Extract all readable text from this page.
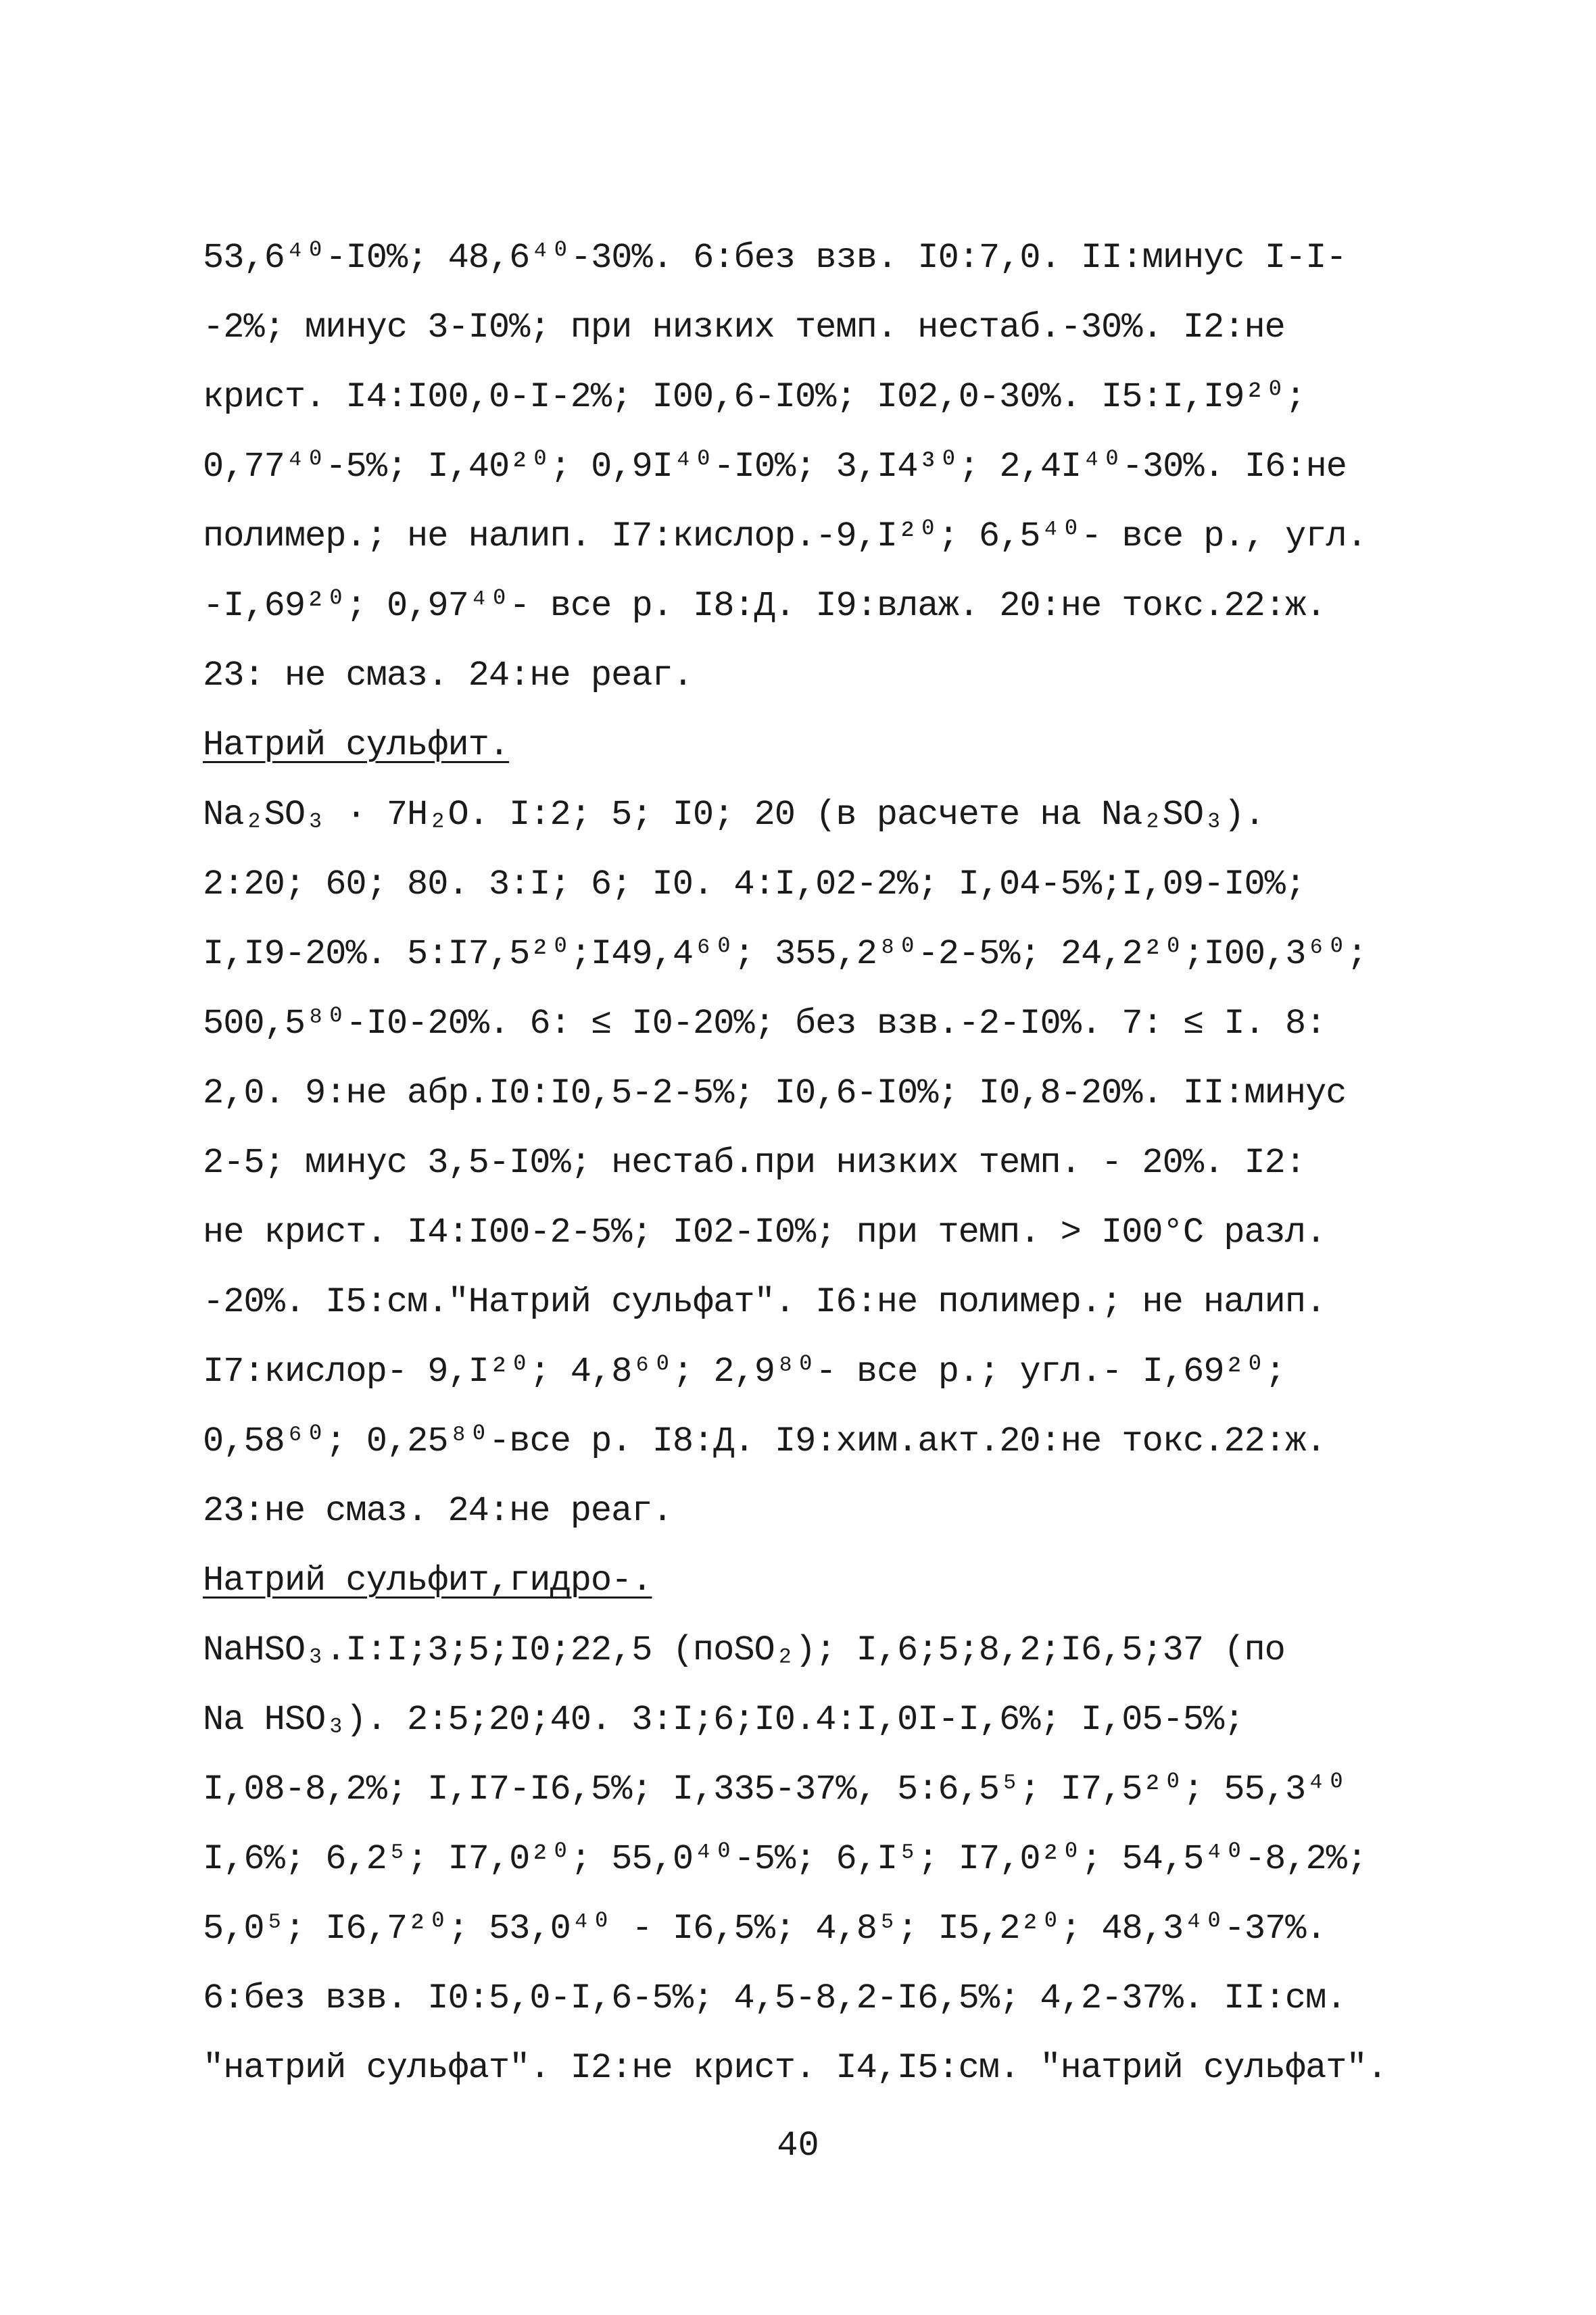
53,6⁴⁰-I0%; 48,6⁴⁰-30%. 6:без взв. I0:7,0. II:минус I-I-
-2%; минус 3-I0%; при низких темп. нестаб.-30%. I2:не
крист. I4:I00,0-I-2%; I00,6-I0%; I02,0-30%. I5:I,I9²⁰;
0,77⁴⁰-5%; I,40²⁰; 0,9I⁴⁰-I0%; 3,I4³⁰; 2,4I⁴⁰-30%. I6:не
полимер.; не налип. I7:кислор.-9,I²⁰; 6,5⁴⁰- все р., угл.
-I,69²⁰; 0,97⁴⁰- все р. I8:Д. I9:влаж. 20:не токс.22:ж.
23: не смаз. 24:не реаг.
Натрий сульфит.
Na₂SO₃ · 7H₂O. I:2; 5; I0; 20 (в расчете на Na₂SO₃).
2:20; 60; 80. 3:I; 6; I0. 4:I,02-2%; I,04-5%;I,09-I0%;
I,I9-20%. 5:I7,5²⁰;I49,4⁶⁰; 355,2⁸⁰-2-5%; 24,2²⁰;I00,3⁶⁰;
500,5⁸⁰-I0-20%. 6: ≤ I0-20%; без взв.-2-I0%. 7: ≤ I. 8:
2,0. 9:не абр.I0:I0,5-2-5%; I0,6-I0%; I0,8-20%. II:минус
2-5; минус 3,5-I0%; нестаб.при низких темп. - 20%. I2:
не крист. I4:I00-2-5%; I02-I0%; при темп. > I00°C разл.
-20%. I5:см."Натрий сульфат". I6:не полимер.; не налип.
I7:кислор- 9,I²⁰; 4,8⁶⁰; 2,9⁸⁰- все р.; угл.- I,69²⁰;
0,58⁶⁰; 0,25⁸⁰-все р. I8:Д. I9:хим.акт.20:не токс.22:ж.
23:не смаз. 24:не реаг.
Натрий сульфит,гидро-.
NaHSO₃.I:I;3;5;I0;22,5 (поSO₂); I,6;5;8,2;I6,5;37 (по
Na HSO₃). 2:5;20;40. 3:I;6;I0.4:I,0I-I,6%; I,05-5%;
I,08-8,2%; I,I7-I6,5%; I,335-37%, 5:6,5⁵; I7,5²⁰; 55,3⁴⁰
I,6%; 6,2⁵; I7,0²⁰; 55,0⁴⁰-5%; 6,I⁵; I7,0²⁰; 54,5⁴⁰-8,2%;
5,0⁵; I6,7²⁰; 53,0⁴⁰ - I6,5%; 4,8⁵; I5,2²⁰; 48,3⁴⁰-37%.
6:без взв. I0:5,0-I,6-5%; 4,5-8,2-I6,5%; 4,2-37%. II:см.
"натрий сульфат". I2:не крист. I4,I5:см. "натрий сульфат".
40
